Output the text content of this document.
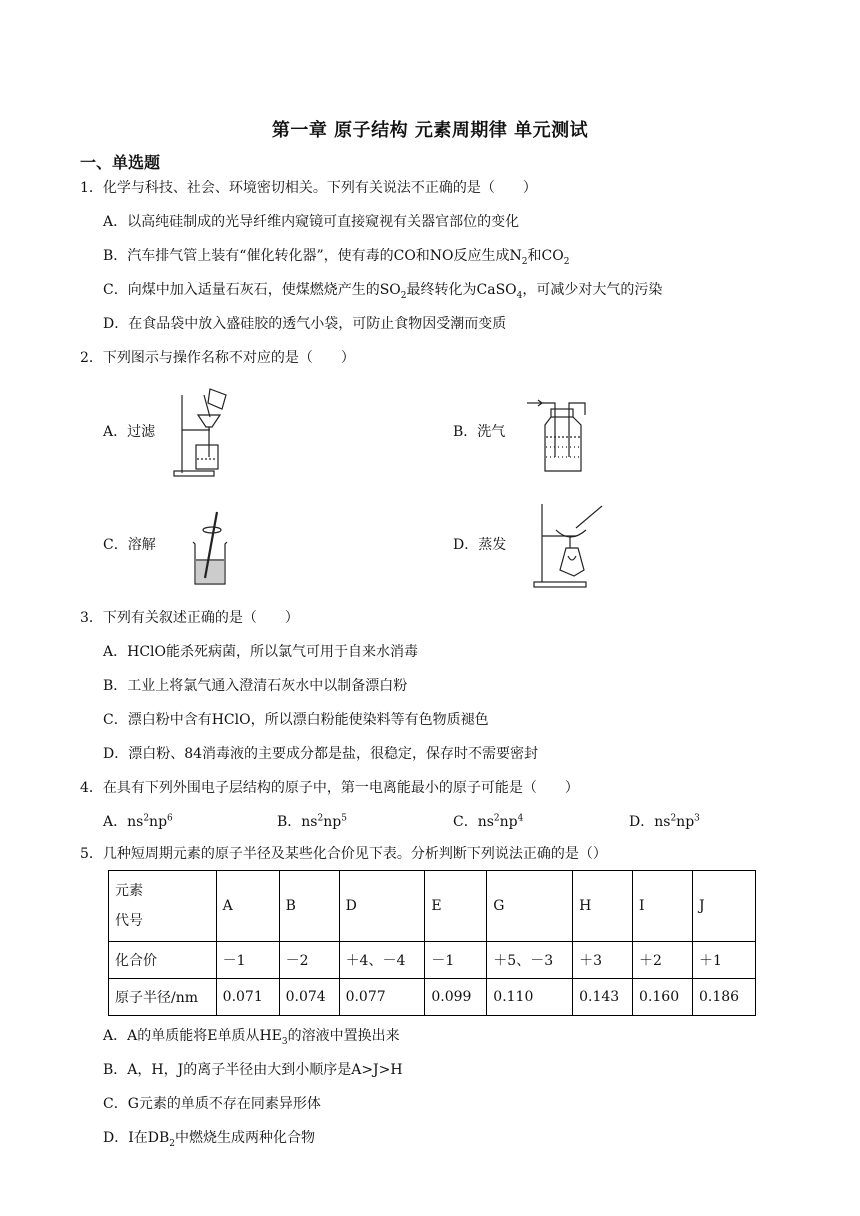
第一章 原子结构 元素周期律 单元测试
一、单选题
1．化学与科技、社会、环境密切相关。下列有关说法不正确的是（　　）
A．以高纯硅制成的光导纤维内窥镜可直接窥视有关器官部位的变化
B．汽车排气管上装有“催化转化器”，使有毒的CO和NO反应生成$N_2$和$CO_2$
C．向煤中加入适量石灰石，使煤燃烧产生的$SO_2$最终转化为CaSO$_4$，可减少对大气的污染
D．在食品袋中放入盛硅胶的透气小袋，可防止食物因受潮而变质
2．下列图示与操作名称不对应的是（　　）
A．过滤	B．洗气
C．溶解	D．蒸发
3．下列有关叙述正确的是（　　）
A．HClO能杀死病菌，所以氯气可用于自来水消毒
B．工业上将氯气通入澄清石灰水中以制备漂白粉
C．漂白粉中含有HClO，所以漂白粉能使染料等有色物质褪色
D．漂白粉、84消毒液的主要成分都是盐，很稳定，保存时不需要密封
4．在具有下列外围电子层结构的原子中，第一电离能最小的原子可能是（　　）
A．$ns^2np^6$	B．$ns^2np^5$	C．$ns^2np^4$	D．$ns^2np^3$
5．几种短周期元素的原子半径及某些化合价见下表。分析判断下列说法正确的是（）
元素
代号	A	B	D	E	G	H	I	J
化合价	－1	－2	＋4、－4	－1	＋5、－3	＋3	＋2	＋1
原子半径/nm	0.071	0.074	0.077	0.099	0.110	0.143	0.160	0.186
A．A的单质能将E单质从$HE_3$的溶液中置换出来
B．A，H，J的离子半径由大到小顺序是A>J>H
C．G元素的单质不存在同素异形体
D．I在$DB_2$中燃烧生成两种化合物
